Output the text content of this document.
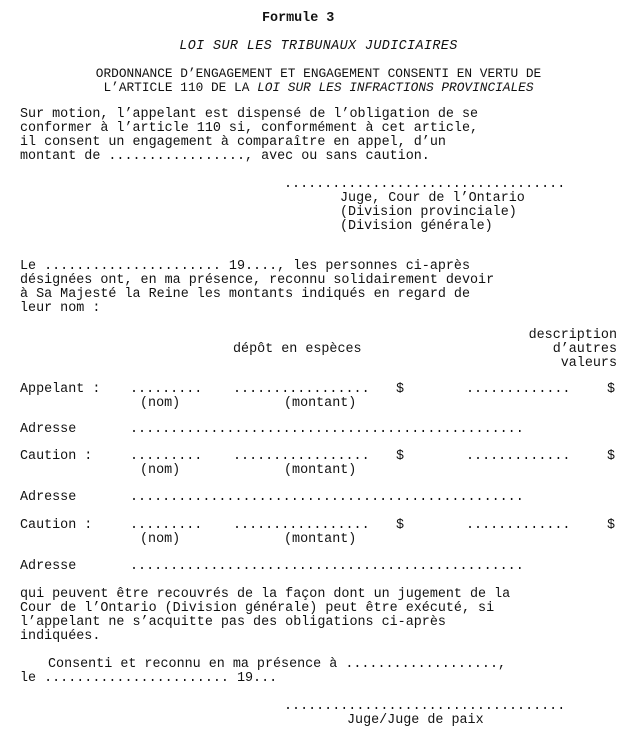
Formule 3
LOI SUR LES TRIBUNAUX JUDICIAIRES
ORDONNANCE D’ENGAGEMENT ET ENGAGEMENT CONSENTI EN VERTU DE
L’ARTICLE 110 DE LA LOI SUR LES INFRACTIONS PROVINCIALES
Sur motion, l’appelant est dispensé de l’obligation de se
conformer à l’article 110 si, conformément à cet article,
il consent un engagement à comparaître en appel, d’un
montant de ................., avec ou sans caution.
...................................
Juge, Cour de l’Ontario
(Division provinciale)
(Division générale)
Le ...................... 19...., les personnes ci-après
désignées ont, en ma présence, reconnu solidairement devoir
à Sa Majesté la Reine les montants indiqués en regard de
leur nom :
dépôt en espèces
description
d’autres
valeurs
Appelant : ......... ................. $	.............	$
(nom)	(montant)
Adresse	.................................................
Caution :	......... ................. $	.............	$
(nom)	(montant)
Adresse	.................................................
Caution :	......... ................. $	.............	$
(nom)	(montant)
Adresse	.................................................
qui peuvent être recouvrés de la façon dont un jugement de la
Cour de l’Ontario (Division générale) peut être exécuté, si
l’appelant ne s’acquitte pas des obligations ci-après
indiquées.
Consenti et reconnu en ma présence à ...................,
le ....................... 19...
...................................
Juge/Juge de paix
